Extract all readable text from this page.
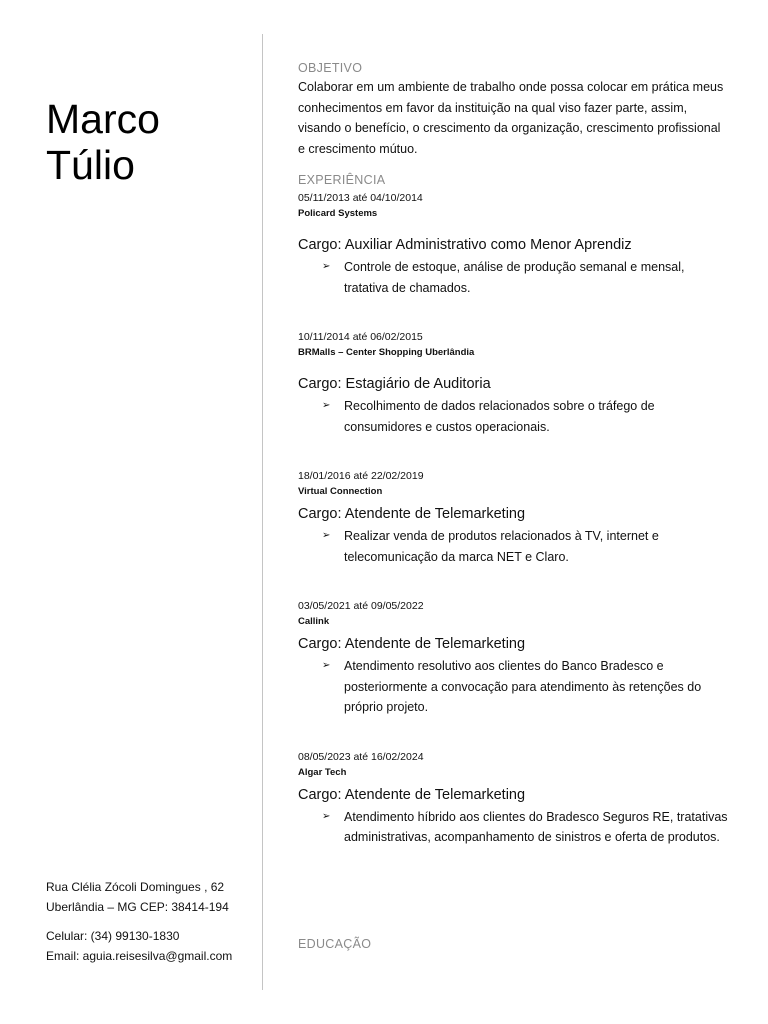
Marco
Túlio
Rua Clélia Zócoli Domingues , 62
Uberlândia – MG CEP: 38414-194
Celular: (34) 99130-1830
Email: aguia.reisesilva@gmail.com
OBJETIVO

Colaborar em um ambiente de trabalho onde possa colocar em prática meus conhecimentos em favor da instituição na qual viso fazer parte, assim, visando o benefício, o crescimento da organização, crescimento profissional e crescimento mútuo.

EXPERIÊNCIA
05/11/2013 até 04/10/2014
Policard Systems
Cargo: Auxiliar Administrativo como Menor Aprendiz
➢ Controle de estoque, análise de produção semanal e mensal, tratativa de chamados.
10/11/2014 até 06/02/2015
BRMalls – Center Shopping Uberlândia
Cargo: Estagiário de Auditoria
➢ Recolhimento de dados relacionados sobre o tráfego de consumidores e custos operacionais.
18/01/2016 até 22/02/2019
Virtual Connection
Cargo: Atendente de Telemarketing
➢ Realizar venda de produtos relacionados à TV, internet e telecomunicação da marca NET e Claro.
03/05/2021 até 09/05/2022
Callink
Cargo: Atendente de Telemarketing
➢ Atendimento resolutivo aos clientes do Banco Bradesco e posteriormente a convocação para atendimento às retenções do próprio projeto.
08/05/2023 até 16/02/2024
Algar Tech
Cargo: Atendente de Telemarketing
➢ Atendimento híbrido aos clientes do Bradesco Seguros RE, tratativas administrativas, acompanhamento de sinistros e oferta de produtos.
EDUCAÇÃO
